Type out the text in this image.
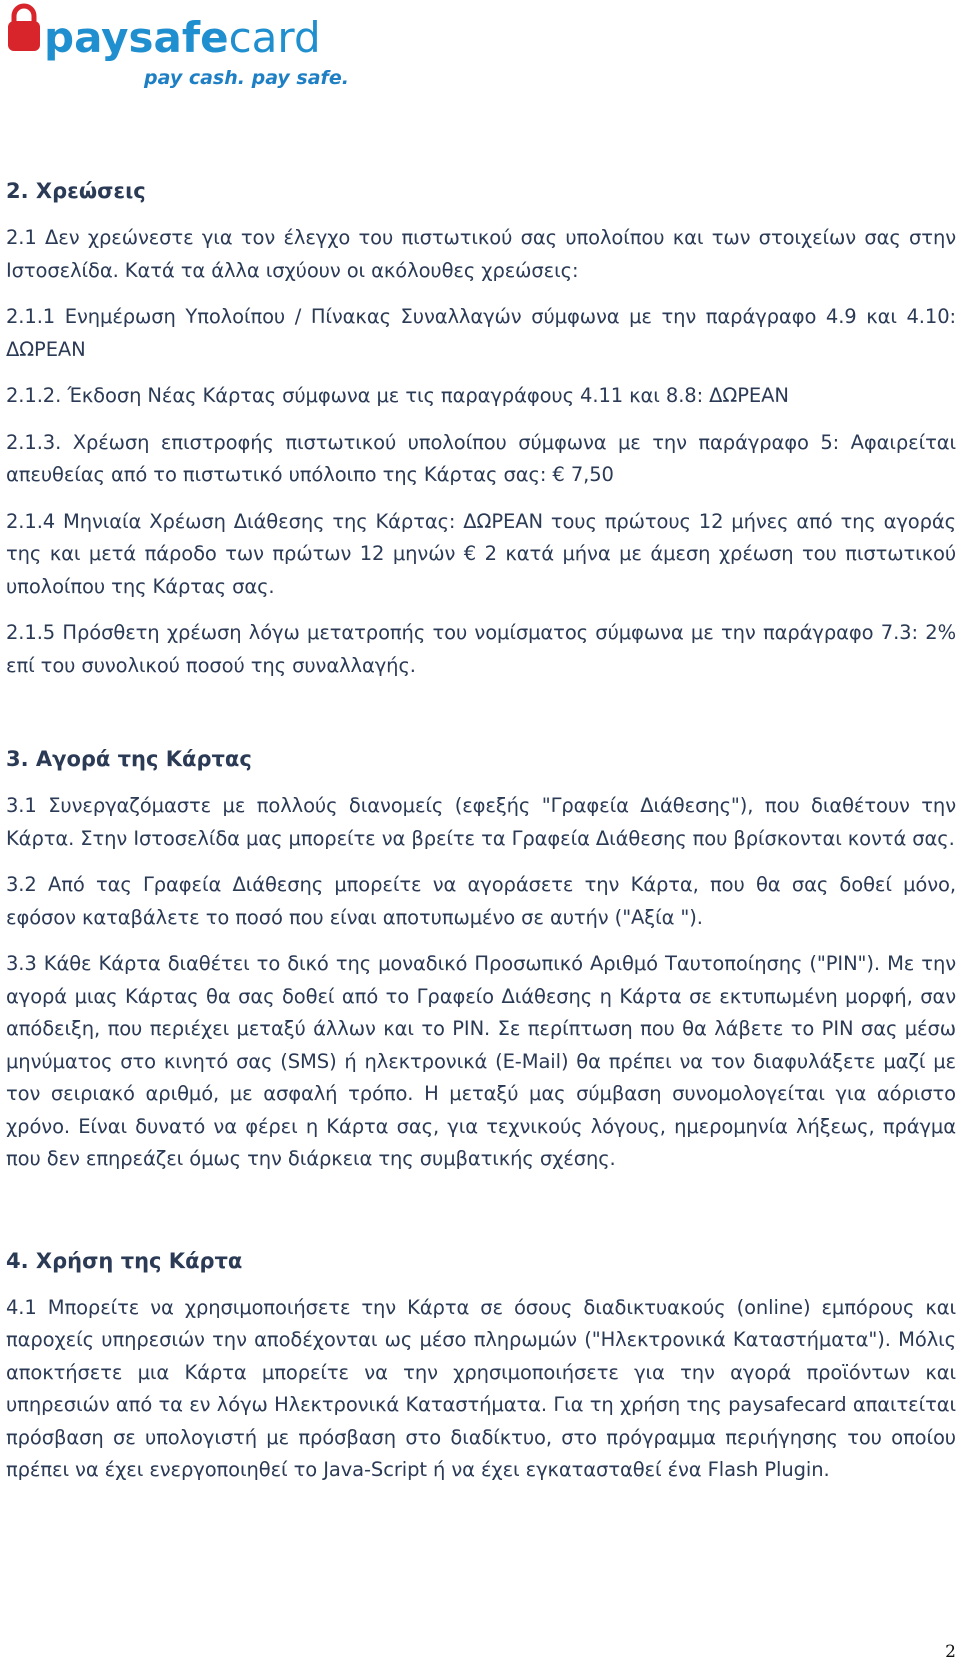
paysafecard
pay cash. pay safe.
2. Χρεώσεις

2.1 Δεν χρεώνεστε για τον έλεγχο του πιστωτικού σας υπολοίπου και των στοιχείων σας στην Ιστοσελίδα. Κατά τα άλλα ισχύουν οι ακόλουθες χρεώσεις:

2.1.1 Ενημέρωση Υπολοίπου / Πίνακας Συναλλαγών σύμφωνα με την παράγραφο 4.9 και 4.10: ΔΩΡΕΑΝ

2.1.2. Έκδοση Νέας Κάρτας σύμφωνα με τις παραγράφους 4.11 και 8.8: ΔΩΡΕΑΝ

2.1.3. Χρέωση επιστροφής πιστωτικού υπολοίπου σύμφωνα με την παράγραφο 5: Αφαιρείται απευθείας από το πιστωτικό υπόλοιπο της Κάρτας σας: € 7,50

2.1.4 Μηνιαία Χρέωση Διάθεσης της Κάρτας: ΔΩΡΕΑΝ τους πρώτους 12 μήνες από της αγοράς της και μετά πάροδο των πρώτων 12 μηνών € 2 κατά μήνα με άμεση χρέωση του πιστωτικού υπολοίπου της Κάρτας σας.

2.1.5 Πρόσθετη χρέωση λόγω μετατροπής του νομίσματος σύμφωνα με την παράγραφο 7.3: 2% επί του συνολικού ποσού της συναλλαγής.

3. Αγορά της Κάρτας

3.1 Συνεργαζόμαστε με πολλούς διανομείς (εφεξής "Γραφεία Διάθεσης"), που διαθέτουν την Κάρτα. Στην Ιστοσελίδα μας μπορείτε να βρείτε τα Γραφεία Διάθεσης που βρίσκονται κοντά σας.

3.2 Από τας Γραφεία Διάθεσης μπορείτε να αγοράσετε την Κάρτα, που θα σας δοθεί μόνο, εφόσον καταβάλετε το ποσό που είναι αποτυπωμένο σε αυτήν ("Αξία ").

3.3 Κάθε Κάρτα διαθέτει το δικό της μοναδικό Προσωπικό Αριθμό Ταυτοποίησης ("PIN"). Με την αγορά μιας Κάρτας θα σας δοθεί από το Γραφείο Διάθεσης η Κάρτα σε εκτυπωμένη μορφή, σαν απόδειξη, που περιέχει μεταξύ άλλων και το PIN. Σε περίπτωση που θα λάβετε το PIN σας μέσω μηνύματος στο κινητό σας (SMS) ή ηλεκτρονικά (E-Mail) θα πρέπει να τον διαφυλάξετε μαζί με τον σειριακό αριθμό, με ασφαλή τρόπο. Η μεταξύ μας σύμβαση συνομολογείται για αόριστο χρόνο. Είναι δυνατό να φέρει η Κάρτα σας, για τεχνικούς λόγους, ημερομηνία λήξεως, πράγμα που δεν επηρεάζει όμως την διάρκεια της συμβατικής σχέσης.

4. Χρήση της Κάρτα

4.1 Μπορείτε να χρησιμοποιήσετε την Κάρτα σε όσους διαδικτυακούς (online) εμπόρους και παροχείς υπηρεσιών την αποδέχονται ως μέσο πληρωμών ("Ηλεκτρονικά Καταστήματα"). Μόλις αποκτήσετε μια Κάρτα μπορείτε να την χρησιμοποιήσετε για την αγορά προϊόντων και υπηρεσιών από τα εν λόγω Ηλεκτρονικά Καταστήματα. Για τη χρήση της paysafecard απαιτείται πρόσβαση σε υπολογιστή με πρόσβαση στο διαδίκτυο, στο πρόγραμμα περιήγησης του οποίου πρέπει να έχει ενεργοποιηθεί το Java-Script ή να έχει εγκατασταθεί ένα Flash Plugin.

2
